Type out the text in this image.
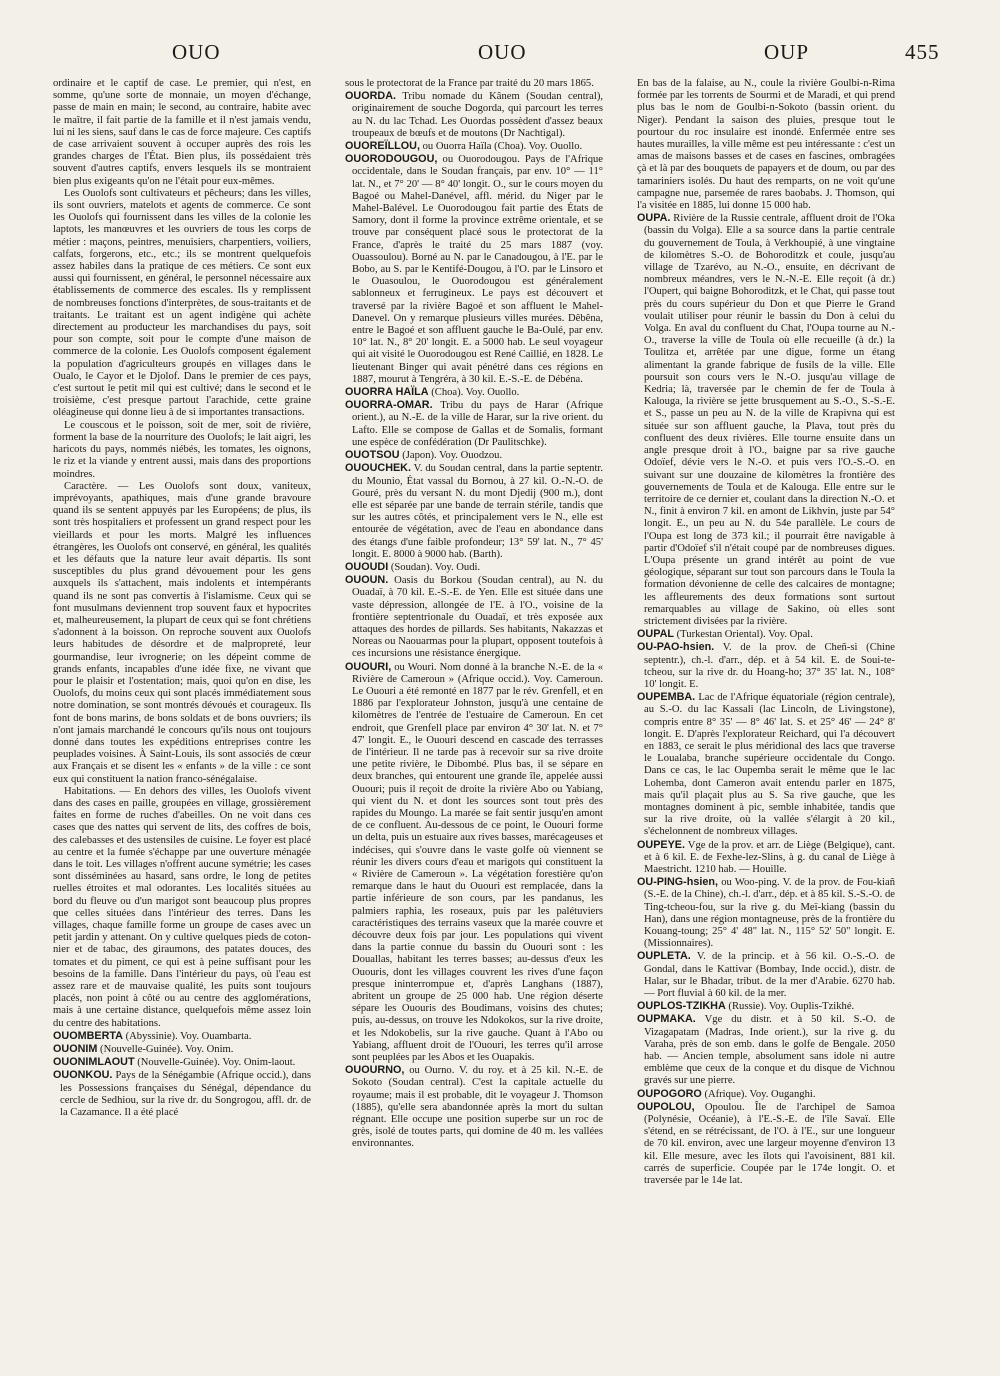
OUO	OUO	OUP	455

ordinaire et le captif de case. Le premier, qui n'est, en somme, qu'une sorte de monnaie, un moyen d'échange, passe de main en main; le second, au contraire, habite avec le maître, il fait partie de la famille et il n'est jamais vendu, lui ni les siens, sauf dans le cas de force majeure. Ces captifs de case arrivaient souvent à occuper auprès des rois les grandes charges de l'État. Bien plus, ils possédaient très souvent d'autres captifs, envers lesquels ils se montraient bien plus exigeants qu'on ne l'était pour eux-mêmes.

Les Ouolofs sont cultivateurs et pêcheurs; dans les villes, ils sont ouvriers, matelots et agents de commerce. Ce sont les Ouolofs qui fournissent dans les villes de la colonie les laptots, les manœuvres et les ouvriers de tous les corps de métier : maçons, peintres, menuisiers, charpentiers, voiliers, calfats, forgerons, etc., etc.; ils se montrent quelquefois assez habiles dans la pratique de ces métiers. Ce sont eux aussi qui fournissent, en général, le personnel nécessaire aux établissements de commerce des escales. Ils y remplissent de nombreuses fonctions d'interprètes, de sous-traitants et de traitants. Le traitant est un agent indigène qui achète directement au producteur les marchandises du pays, soit pour son compte, soit pour le compte d'une maison de commerce de la colonie. Les Ouolofs composent également la population d'agriculteurs groupés en villages dans le Oualo, le Cayor et le Djolof. Dans le premier de ces pays, c'est surtout le petit mil qui est cultivé; dans le second et le troisième, c'est presque partout l'arachide, cette graine oléagineuse qui donne lieu à de si importantes transactions.

Le couscous et le poisson, soit de mer, soit de rivière, forment la base de la nourriture des Ouolofs; le lait aigri, les haricots du pays, nommés niébés, les tomates, les oignons, le riz et la viande y entrent aussi, mais dans des proportions moindres.

Caractère. — Les Ouolofs sont doux, vaniteux, imprévoyants, apathiques, mais d'une grande bravoure quand ils se sentent appuyés par les Européens; de plus, ils sont très hospitaliers et professent un grand respect pour les vieillards et pour les morts. Malgré les influences étrangères, les Ouolofs ont conservé, en général, les qualités et les défauts que la nature leur avait départis. Ils sont susceptibles du plus grand dévouement pour les gens auxquels ils s'attachent, mais indolents et intempérants quand ils ne sont pas convertis à l'islamisme. Ceux qui se font musulmans deviennent trop souvent faux et hypocrites et, malheureusement, la plupart de ceux qui se font chrétiens s'adonnent à la boisson. On reproche souvent aux Ouolofs leurs habitudes de désordre et de malpropreté, leur gourmandise, leur ivrognerie; on les dépeint comme de grands enfants, incapables d'une idée fixe, ne vivant que pour le plaisir et l'ostentation; mais, quoi qu'on en dise, les Ouolofs, du moins ceux qui sont placés immédiatement sous notre domination, se sont montrés dévoués et courageux. Ils font de bons marins, de bons soldats et de bons ouvriers; ils n'ont jamais marchandé le concours qu'ils nous ont toujours donné dans toutes les expéditions entreprises contre les peuplades voisines. À Saint-Louis, ils sont associés de cœur aux Français et se disent les « enfants » de la ville : ce sont eux qui constituent la nation franco-sénégalaise.

Habitations. — En dehors des villes, les Ouolofs vivent dans des cases en paille, groupées en village, grossièrement faites en forme de ruches d'abeilles. On ne voit dans ces cases que des nattes qui servent de lits, des coffres de bois, des calebasses et des ustensiles de cuisine. Le foyer est placé au centre et la fumée s'échappe par une ouverture ménagée dans le toit. Les villages n'offrent aucune symétrie; les cases sont disséminées au hasard, sans ordre, le long de petites ruelles étroites et mal odorantes. Les localités situées au bord du fleuve ou d'un marigot sont beaucoup plus propres que celles situées dans l'intérieur des terres. Dans les villages, chaque famille forme un groupe de cases avec un petit jardin y attenant. On y cultive quelques pieds de coton-nier et de tabac, des giraumons, des patates douces, des tomates et du piment, ce qui est à peine suffisant pour les besoins de la famille. Dans l'intérieur du pays, où l'eau est assez rare et de mauvaise qualité, les puits sont toujours placés, non point à côté ou au centre des agglomérations, mais à une certaine distance, quelquefois même assez loin du centre des habitations.

OUOMBERTA (Abyssinie). Voy. Ouambarta.

OUONIM (Nouvelle-Guinée). Voy. Onim.

OUONIMLAOUT (Nouvelle-Guinée). Voy. Onim-laout.

OUONKOU. Pays de la Sénégambie (Afrique occid.), dans les Possessions françaises du Sénégal, dépendance du cercle de Sedhiou, sur la rive dr. du Songrogou, affl. dr. de la Cazamance. Il a été placé

sous le protectorat de la France par traité du 20 mars 1865.

OUORDA. Tribu nomade du Kânem (Soudan central), originairement de souche Dogorda, qui parcourt les terres au N. du lac Tchad. Les Ouordas possèdent d'assez beaux troupeaux de bœufs et de moutons (Dr Nachtigal).

OUOREÏLLOU, ou Ouorra Haïla (Choa). Voy. Ouollo.

OUORODOUGOU, ou Ouorodougou. Pays de l'Afrique occidentale, dans le Soudan français, par env. 10° — 11° lat. N., et 7° 20' — 8° 40' longit. O., sur le cours moyen du Bagoé ou Mahel-Danével, affl. mérid. du Niger par le Mahel-Balével. Le Ouorodougou fait partie des États de Samory, dont il forme la province extrême orientale, et se trouve par conséquent placé sous le protectorat de la France, d'après le traité du 25 mars 1887 (voy. Ouassoulou). Borné au N. par le Canadougou, à l'E. par le Bobo, au S. par le Kentifé-Dougou, à l'O. par le Linsoro et le Ouasoulou, le Ouorodougou est généralement sablonneux et ferrugineux. Le pays est découvert et traversé par la rivière Bagoé et son affluent le Mahel-Danevel. On y remarque plusieurs villes murées. Dêbêna, entre le Bagoé et son affluent gauche le Ba-Oulé, par env. 10° lat. N., 8° 20' longit. E. a 5000 hab. Le seul voyageur qui ait visité le Ouorodougou est René Caillié, en 1828. Le lieutenant Binger qui avait pénétré dans ces régions en 1887, mourut à Tengréra, à 30 kil. E.-S.-E. de Débéna.

OUORRA HAÏLA (Choa). Voy. Ouollo.

OUORRA-OMAR. Tribu du pays de Harar (Afrique orient.), au N.-E. de la ville de Harar, sur la rive orient. du Lafto. Elle se compose de Gallas et de Somalis, formant une espèce de confédération (Dr Paulitschke).

OUOTSOU (Japon). Voy. Ouodzou.

OUOUCHEK. V. du Soudan central, dans la partie septentr. du Mounio, État vassal du Bornou, à 27 kil. O.-N.-O. de Gouré, près du versant N. du mont Djedij (900 m.), dont elle est séparée par une bande de terrain stérile, tandis que sur les autres côtés, et principalement vers le N., elle est entourée de végétation, avec de l'eau en abondance dans des étangs d'une faible profondeur; 13° 59' lat. N., 7° 45' longit. E. 8000 à 9000 hab. (Barth).

OUOUDI (Soudan). Voy. Oudi.

OUOUN. Oasis du Borkou (Soudan central), au N. du Ouadaï, à 70 kil. E.-S.-E. de Yen. Elle est située dans une vaste dépression, allongée de l'E. à l'O., voisine de la frontière septentrionale du Ouadaï, et très exposée aux attaques des hordes de pillards. Ses habitants, Nakazzas et Noreas ou Naouarmas pour la plupart, opposent toutefois à ces incursions une résistance énergique.

OUOURI, ou Wouri. Nom donné à la branche N.-E. de la « Rivière de Cameroun » (Afrique occid.). Voy. Cameroun. Le Ououri a été remonté en 1877 par le rév. Grenfell, et en 1886 par l'explorateur Johnston, jusqu'à une centaine de kilomètres de l'entrée de l'estuaire de Cameroun. En cet endroit, que Grenfell place par environ 4° 30' lat. N. et 7° 47' longit. E., le Ououri descend en cascade des terrasses de l'intérieur. Il ne tarde pas à recevoir sur sa rive droite une petite rivière, le Dibombé. Plus bas, il se sépare en deux branches, qui entourent une grande île, appelée aussi Ououri; puis il reçoit de droite la rivière Abo ou Yabiang, qui vient du N. et dont les sources sont tout près des rapides du Moungo. La marée se fait sentir jusqu'en amont de ce confluent. Au-dessous de ce point, le Ououri forme un delta, puis un estuaire aux rives basses, marécageuses et indécises, qui s'ouvre dans le vaste golfe où viennent se réunir les divers cours d'eau et marigots qui constituent la « Rivière de Cameroun ». La végétation forestière qu'on remarque dans le haut du Ououri est remplacée, dans la partie inférieure de son cours, par les pandanus, les palmiers raphia, les roseaux, puis par les palétuviers caractéristiques des terrains vaseux que la marée couvre et découvre deux fois par jour. Les populations qui vivent dans la partie connue du bassin du Ououri sont : les Douallas, habitant les terres basses; au-dessus d'eux les Ououris, dont les villages couvrent les rives d'une façon presque ininterrompue et, d'après Langhans (1887), abritent un groupe de 25 000 hab. Une région déserte sépare les Ououris des Boudimans, voisins des chutes; puis, au-dessus, on trouve les Ndokokos, sur la rive droite, et les Ndokobelis, sur la rive gauche. Quant à l'Abo ou Yabiang, affluent droit de l'Ououri, les terres qu'il arrose sont peuplées par les Abos et les Ouapakis.

OUOURNO, ou Ourno. V. du roy. et à 25 kil. N.-E. de Sokoto (Soudan central). C'est la capitale actuelle du royaume; mais il est probable, dit le voyageur J. Thomson (1885), qu'elle sera abandonnée après la mort du sultan régnant. Elle occupe une position superbe sur un roc de grès, isolé de toutes parts, qui domine de 40 m. les vallées environnantes.

En bas de la falaise, au N., coule la rivière Goulbi-n-Rima formée par les torrents de Sourmi et de Maradi, et qui prend plus bas le nom de Goulbi-n-Sokoto (bassin orient. du Niger). Pendant la saison des pluies, presque tout le pourtour du roc insulaire est inondé. Enfermée entre ses hautes murailles, la ville même est peu intéressante : c'est un amas de maisons basses et de cases en fascines, ombragées çà et là par des bouquets de papayers et de doum, ou par des tamariniers isolés. Du haut des remparts, on ne voit qu'une campagne nue, parsemée de rares baobabs. J. Thomson, qui l'a visitée en 1885, lui donne 15 000 hab.

OUPA. Rivière de la Russie centrale, affluent droit de l'Oka (bassin du Volga). Elle a sa source dans la partie centrale du gouvernement de Toula, à Verkhoupié, à une vingtaine de kilomètres S.-O. de Bohoroditzk et coule, jusqu'au village de Tzarévo, au N.-O., ensuite, en décrivant de nombreux méandres, vers le N.-N.-E. Elle reçoit (à dr.) l'Oupert, qui baigne Bohoroditzk, et le Chat, qui passe tout près du cours supérieur du Don et que Pierre le Grand voulait utiliser pour réunir le bassin du Don à celui du Volga. En aval du confluent du Chat, l'Oupa tourne au N.-O., traverse la ville de Toula où elle recueille (à dr.) la Toulitza et, arrêtée par une digue, forme un étang alimentant la grande fabrique de fusils de la ville. Elle poursuit son cours vers le N.-O. jusqu'au village de Kedria; là, traversée par le chemin de fer de Toula à Kalouga, la rivière se jette brusquement au S.-O., S.-S.-E. et S., passe un peu au N. de la ville de Krapivna qui est située sur son affluent gauche, la Plava, tout près du confluent des deux rivières. Elle tourne ensuite dans un angle presque droit à l'O., baigne par sa rive gauche Odoïef, dévie vers le N.-O. et puis vers l'O.-S.-O. en suivant sur une douzaine de kilomètres la frontière des gouvernements de Toula et de Kalouga. Elle entre sur le territoire de ce dernier et, coulant dans la direction N.-O. et N., finit à environ 7 kil. en amont de Likhvin, juste par 54° longit. E., un peu au N. du 54e parallèle. Le cours de l'Oupa est long de 373 kil.; il pourrait être navigable à partir d'Odoïef s'il n'était coupé par de nombreuses digues. L'Oupa présente un grand intérêt au point de vue géologique, séparant sur tout son parcours dans le Toula la formation dévonienne de celle des calcaires de montagne; les affleurements des deux formations sont surtout remarquables au village de Sakino, où elles sont strictement divisées par la rivière.

OUPAL (Turkestan Oriental). Voy. Opal.

OU-PAO-hsien. V. de la prov. de Cheñ-si (Chine septentr.), ch.-l. d'arr., dép. et à 54 kil. E. de Soui-te-tcheou, sur la rive dr. du Hoang-ho; 37° 35' lat. N., 108° 10' longit. E.

OUPEMBA. Lac de l'Afrique équatoriale (région centrale), au S.-O. du lac Kassali (lac Lincoln, de Livingstone), compris entre 8° 35' — 8° 46' lat. S. et 25° 46' — 24° 8' longit. E. D'après l'explorateur Reichard, qui l'a découvert en 1883, ce serait le plus méridional des lacs que traverse le Loualaba, branche supérieure occidentale du Congo. Dans ce cas, le lac Oupemba serait le même que le lac Lohemba, dont Cameron avait entendu parler en 1875, mais qu'il plaçait plus au S. Sa rive gauche, que les montagnes dominent à pic, semble inhabitée, tandis que sur la rive droite, où la vallée s'élargit à 20 kil., s'échelonnent de nombreux villages.

OUPEYE. Vge de la prov. et arr. de Liège (Belgique), cant. et à 6 kil. E. de Fexhe-lez-Slins, à g. du canal de Liège à Maestricht. 1210 hab. — Houille.

OU-PING-hsien, ou Woo-ping. V. de la prov. de Fou-kiañ (S.-E. de la Chine), ch.-l. d'arr., dép. et à 85 kil. S.-S.-O. de Ting-tcheou-fou, sur la rive g. du Meï-kiang (bassin du Han), dans une région montagneuse, près de la frontière du Kouang-toung; 25° 4' 48" lat. N., 115° 52' 50" longit. E. (Missionnaires).

OUPLETA. V. de la princip. et à 56 kil. O.-S.-O. de Gondal, dans le Kattivar (Bombay, Inde occid.), distr. de Halar, sur le Bhadar, tribut. de la mer d'Arabie. 6270 hab. — Port fluvial à 60 kil. de la mer.

OUPLOS-TZIKHA (Russie). Voy. Ouplis-Tzikhé.

OUPMAKA. Vge du distr. et à 50 kil. S.-O. de Vizagapatam (Madras, Inde orient.), sur la rive g. du Varaha, près de son emb. dans le golfe de Bengale. 2050 hab. — Ancien temple, absolument sans idole ni autre emblème que ceux de la conque et du disque de Vichnou gravés sur une pierre.

OUPOGORO (Afrique). Voy. Ouganghi.

OUPOLOU, Opoulou. Île de l'archipel de Samoa (Polynésie, Océanie), à l'E.-S.-E. de l'île Savaï. Elle s'étend, en se rétrécissant, de l'O. à l'E., sur une longueur de 70 kil. environ, avec une largeur moyenne d'environ 13 kil. Elle mesure, avec les îlots qui l'avoisinent, 881 kil. carrés de superficie. Coupée par le 174e longit. O. et traversée par le 14e lat.
